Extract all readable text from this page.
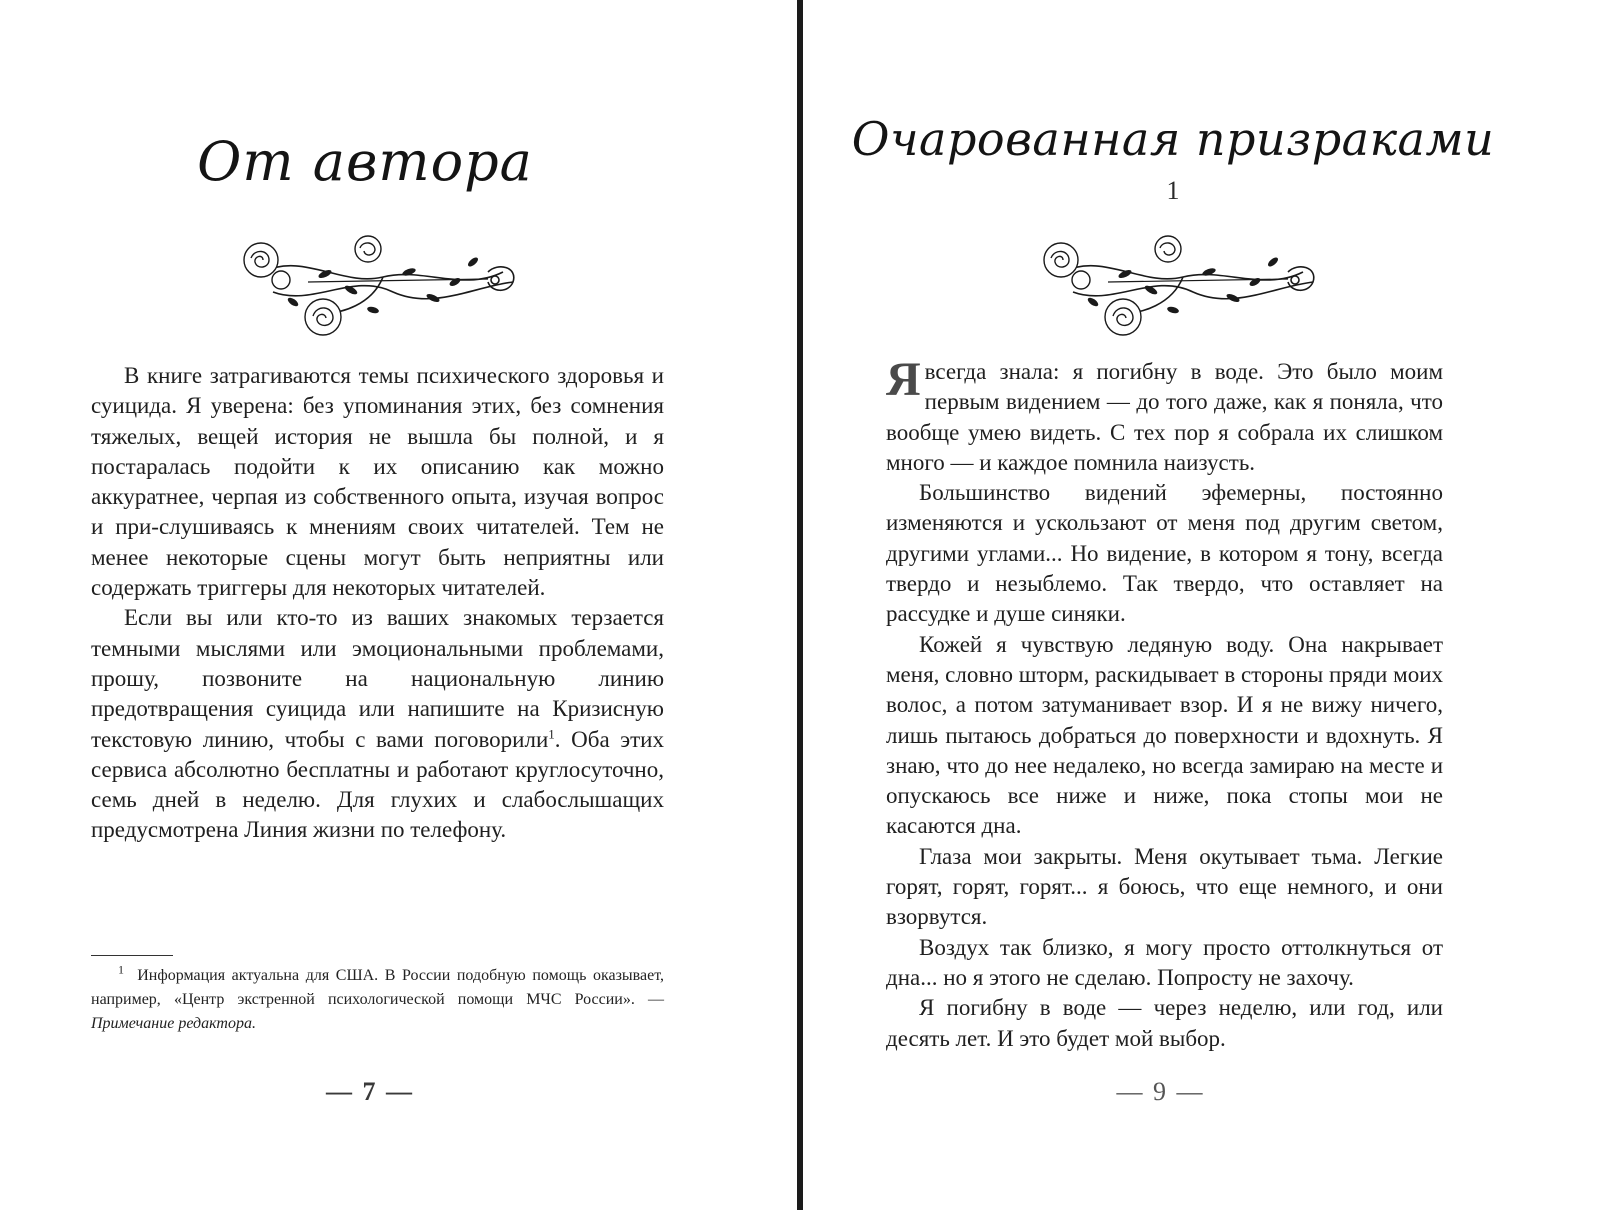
От автора

В книге затрагиваются темы психического здоровья и суицида. Я уверена: без упоминания этих, без сомнения тяжелых, вещей история не вышла бы полной, и я постаралась подойти к их описанию как можно аккуратнее, черпая из собственного опыта, изучая вопрос и при-слушиваясь к мнениям своих читателей. Тем не менее некоторые сцены могут быть неприятны или содержать триггеры для некоторых читателей.

Если вы или кто-то из ваших знакомых терзается темными мыслями или эмоциональными проблемами, прошу, позвоните на национальную линию предотвращения суицида или напишите на Кризисную текстовую линию, чтобы с вами поговорили$^1$. Оба этих сервиса абсолютно бесплатны и работают круглосуточно, семь дней в неделю. Для глухих и слабослышащих предусмотрена Линия жизни по телефону.

$^1$ Информация актуальна для США. В России подобную помощь оказывает, например, «Центр экстренной психологической помощи МЧС России». — Примечание редактора.

— 7 —
Очарованная призраками
1

Я всегда знала: я погибну в воде. Это было моим первым видением — до того даже, как я поняла, что вообще умею видеть. С тех пор я собрала их слишком много — и каждое помнила наизусть.

Большинство видений эфемерны, постоянно изменяются и ускользают от меня под другим светом, другими углами... Но видение, в котором я тону, всегда твердо и незыблемо. Так твердо, что оставляет на рассудке и душе синяки.

Кожей я чувствую ледяную воду. Она накрывает меня, словно шторм, раскидывает в стороны пряди моих волос, а потом затуманивает взор. И я не вижу ничего, лишь пытаюсь добраться до поверхности и вдохнуть. Я знаю, что до нее недалеко, но всегда замираю на месте и опускаюсь все ниже и ниже, пока стопы мои не касаются дна.

Глаза мои закрыты. Меня окутывает тьма. Легкие горят, горят, горят... я боюсь, что еще немного, и они взорвутся.

Воздух так близко, я могу просто оттолкнуться от дна... но я этого не сделаю. Попросту не захочу.

Я погибну в воде — через неделю, или год, или десять лет. И это будет мой выбор.

— 9 —
